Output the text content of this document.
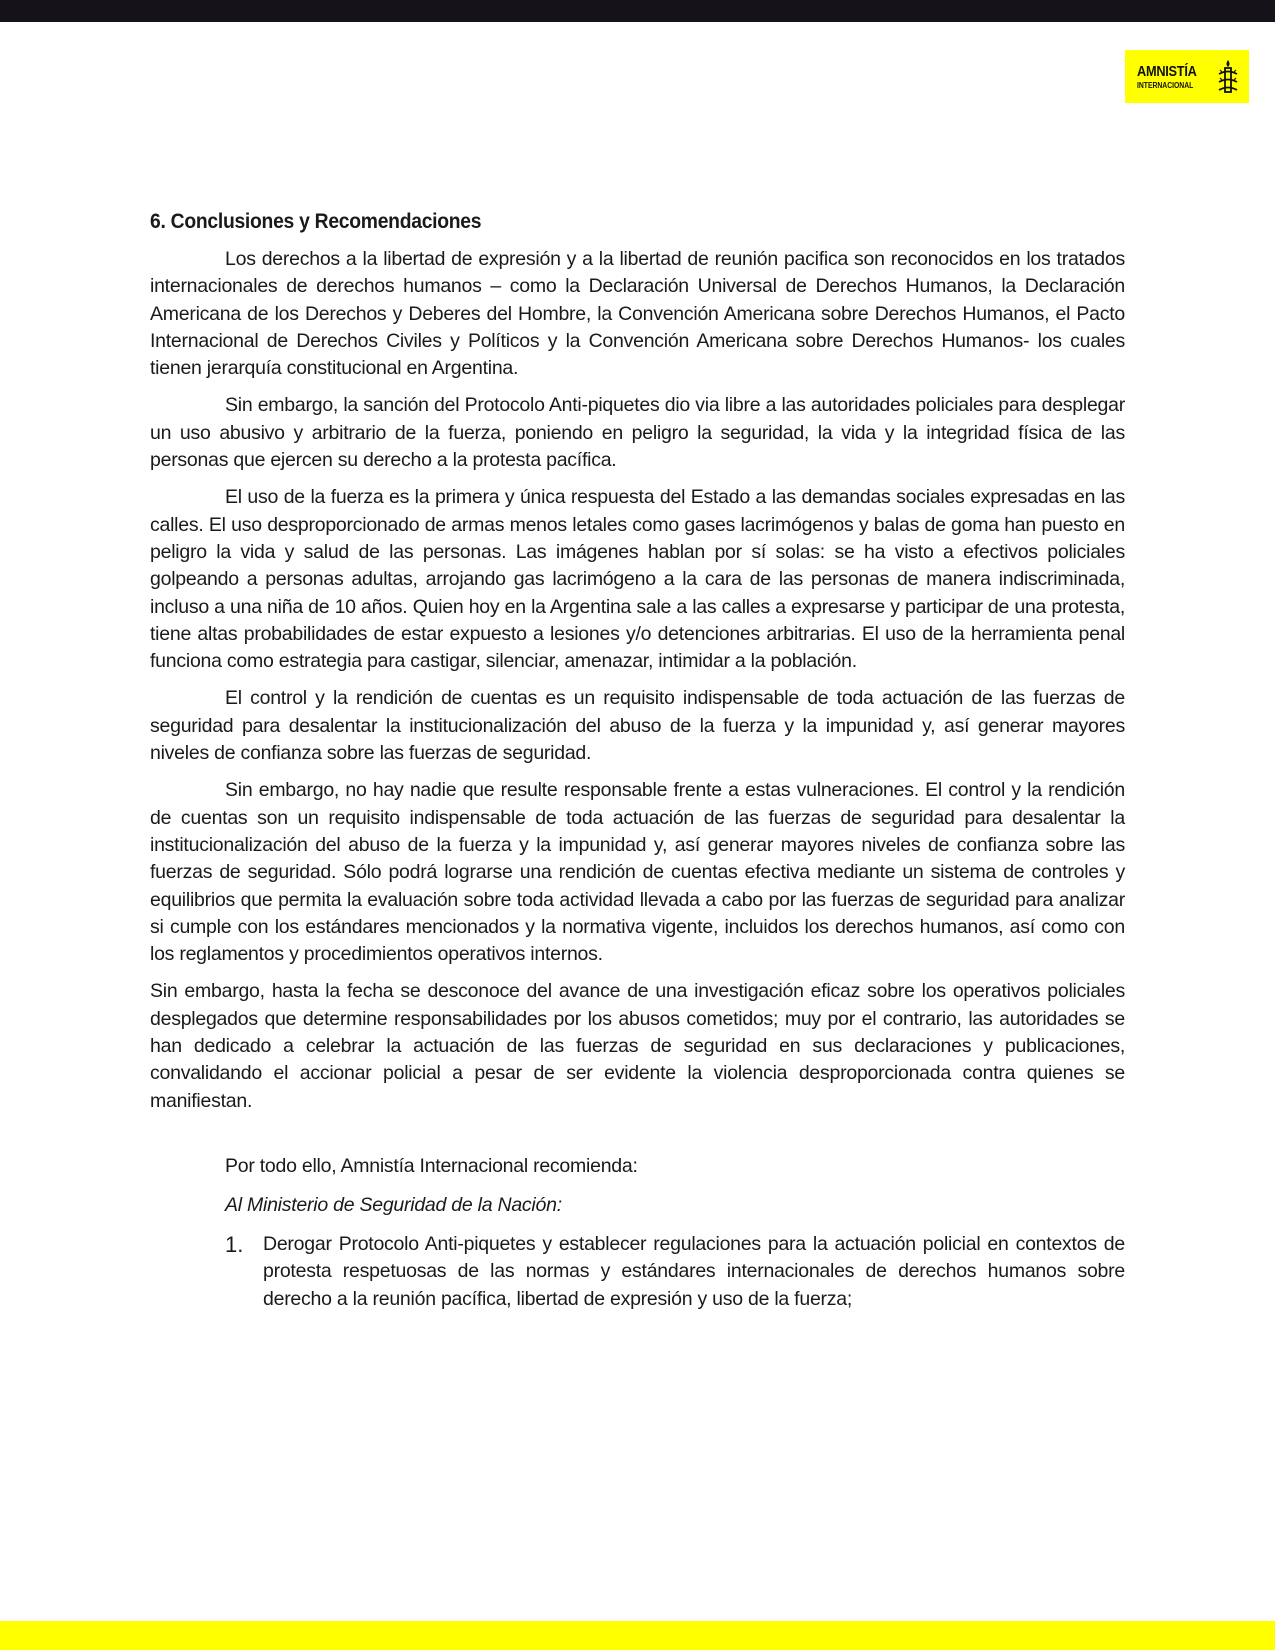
AMNISTÍA
INTERNACIONAL
6. Conclusiones y Recomendaciones

Los derechos a la libertad de expresión y a la libertad de reunión pacifica son reconocidos en los tratados internacionales de derechos humanos – como la Declaración Universal de Derechos Humanos, la Declaración Americana de los Derechos y Deberes del Hombre, la Convención Americana sobre Derechos Humanos, el Pacto Internacional de Derechos Civiles y Políticos y la Convención Americana sobre Derechos Humanos- los cuales tienen jerarquía constitucional en Argentina.

Sin embargo, la sanción del Protocolo Anti-piquetes dio via libre a las autoridades policiales para desplegar un uso abusivo y arbitrario de la fuerza, poniendo en peligro la seguridad, la vida y la integridad física de las personas que ejercen su derecho a la protesta pacífica.

El uso de la fuerza es la primera y única respuesta del Estado a las demandas sociales expresadas en las calles. El uso desproporcionado de armas menos letales como gases lacrimógenos y balas de goma han puesto en peligro la vida y salud de las personas. Las imágenes hablan por sí solas: se ha visto a efectivos policiales golpeando a personas adultas, arrojando gas lacrimógeno a la cara de las personas de manera indiscriminada, incluso a una niña de 10 años. Quien hoy en la Argentina sale a las calles a expresarse y participar de una protesta, tiene altas probabilidades de estar expuesto a lesiones y/o detenciones arbitrarias. El uso de la herramienta penal funciona como estrategia para castigar, silenciar, amenazar, intimidar a la población.

El control y la rendición de cuentas es un requisito indispensable de toda actuación de las fuerzas de seguridad para desalentar la institucionalización del abuso de la fuerza y la impunidad y, así generar mayores niveles de confianza sobre las fuerzas de seguridad.

Sin embargo, no hay nadie que resulte responsable frente a estas vulneraciones. El control y la rendición de cuentas son un requisito indispensable de toda actuación de las fuerzas de seguridad para desalentar la institucionalización del abuso de la fuerza y la impunidad y, así generar mayores niveles de confianza sobre las fuerzas de seguridad. Sólo podrá lograrse una rendición de cuentas efectiva mediante un sistema de controles y equilibrios que permita la evaluación sobre toda actividad llevada a cabo por las fuerzas de seguridad para analizar si cumple con los estándares mencionados y la normativa vigente, incluidos los derechos humanos, así como con los reglamentos y procedimientos operativos internos.

Sin embargo, hasta la fecha se desconoce del avance de una investigación eficaz sobre los operativos policiales desplegados que determine responsabilidades por los abusos cometidos; muy por el contrario, las autoridades se han dedicado a celebrar la actuación de las fuerzas de seguridad en sus declaraciones y publicaciones, convalidando el accionar policial a pesar de ser evidente la violencia desproporcionada contra quienes se manifiestan.

Por todo ello, Amnistía Internacional recomienda:

Al Ministerio de Seguridad de la Nación:

1.	Derogar Protocolo Anti-piquetes y establecer regulaciones para la actuación policial en contextos de protesta respetuosas de las normas y estándares internacionales de derechos humanos sobre derecho a la reunión pacífica, libertad de expresión y uso de la fuerza;
